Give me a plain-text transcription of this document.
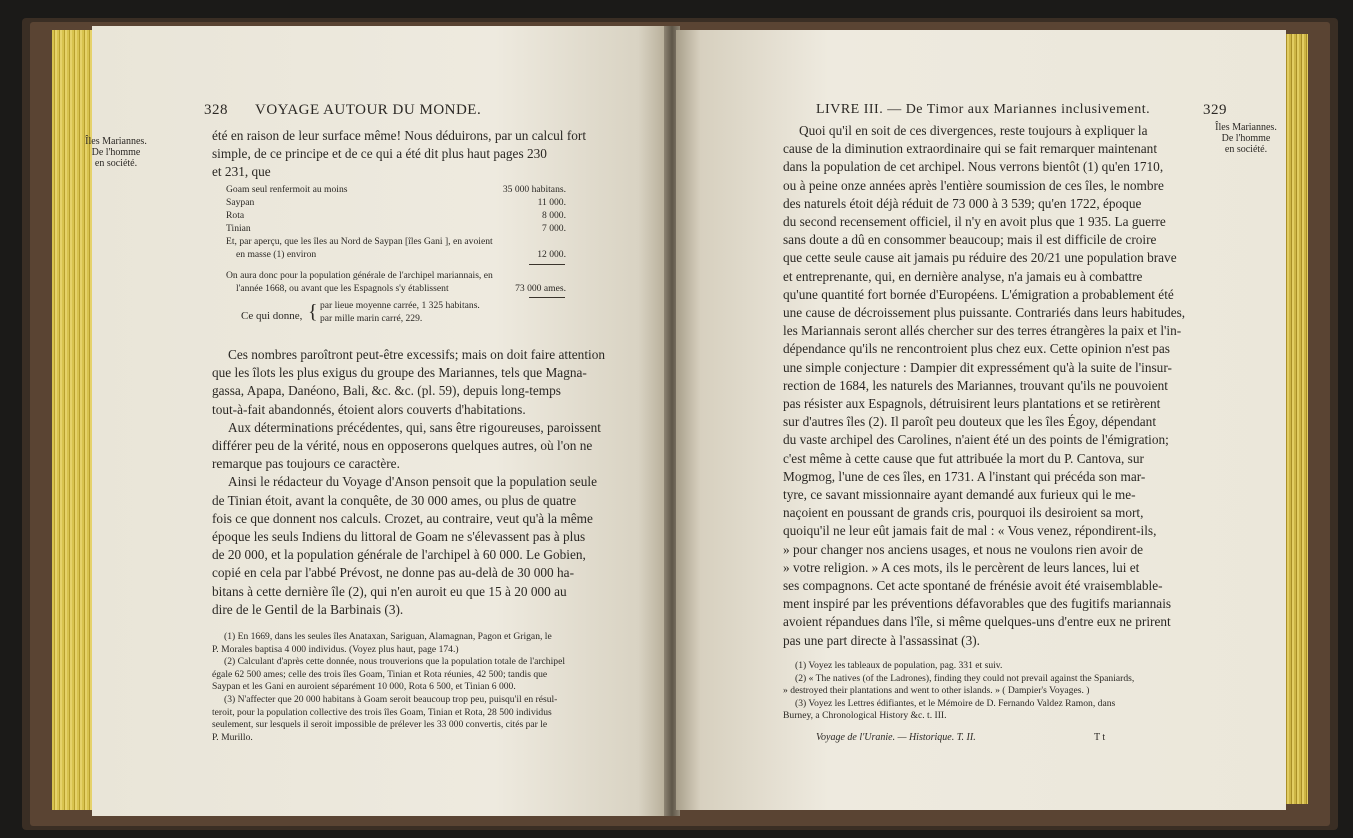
328 VOYAGE AUTOUR DU MONDE.
Îles Mariannes.
De l'homme
en société.
été en raison de leur surface même! Nous déduirons, par un calcul fort
simple, de ce principe et de ce qui a été dit plus haut pages 230
et 231, que
Goam seul renfermoit au moins	35 000 habitans.
Saypan	11 000.
Rota	8 000.
Tinian	7 000.
Et, par aperçu, que les îles au Nord de Saypan [îles Gani ], en avoient
en masse (1) environ	12 000.
On aura donc pour la population générale de l'archipel mariannais, en
l'année 1668, ou avant que les Espagnols s'y établissent	73 000 ames.
Ce qui donne, { par lieue moyenne carrée, 1 325 habitans.
par mille marin carré, 229.
Ces nombres paroîtront peut-être excessifs; mais on doit faire attention
que les îlots les plus exigus du groupe des Mariannes, tels que Magna-
gassa, Apapa, Danéono, Bali, &c. &c. (pl. 59), depuis long-temps
tout-à-fait abandonnés, étoient alors couverts d'habitations.
Aux déterminations précédentes, qui, sans être rigoureuses, paroissent
différer peu de la vérité, nous en opposerons quelques autres, où l'on ne
remarque pas toujours ce caractère.
Ainsi le rédacteur du Voyage d'Anson pensoit que la population seule
de Tinian étoit, avant la conquête, de 30 000 ames, ou plus de quatre
fois ce que donnent nos calculs. Crozet, au contraire, veut qu'à la même
époque les seuls Indiens du littoral de Goam ne s'élevassent pas à plus
de 20 000, et la population générale de l'archipel à 60 000. Le Gobien,
copié en cela par l'abbé Prévost, ne donne pas au-delà de 30 000 ha-
bitans à cette dernière île (2), qui n'en auroit eu que 15 à 20 000 au
dire de le Gentil de la Barbinais (3).
(1) En 1669, dans les seules îles Anataxan, Sariguan, Alamagnan, Pagon et Grigan, le
P. Morales baptisa 4 000 individus. (Voyez plus haut, page 174.)
(2) Calculant d'après cette donnée, nous trouverions que la population totale de l'archipel
égale 62 500 ames; celle des trois îles Goam, Tinian et Rota réunies, 42 500; tandis que
Saypan et les Gani en auroient séparément 10 000, Rota 6 500, et Tinian 6 000.
(3) N'affecter que 20 000 habitans à Goam seroit beaucoup trop peu, puisqu'il en résul-
teroit, pour la population collective des trois îles Goam, Tinian et Rota, 28 500 individus
seulement, sur lesquels il seroit impossible de prélever les 33 000 convertis, cités par le
P. Murillo.
LIVRE III. — De Timor aux Mariannes inclusivement.	329
Îles Mariannes.
De l'homme
en société.
Quoi qu'il en soit de ces divergences, reste toujours à expliquer la
cause de la diminution extraordinaire qui se fait remarquer maintenant
dans la population de cet archipel. Nous verrons bientôt (1) qu'en 1710,
ou à peine onze années après l'entière soumission de ces îles, le nombre
des naturels étoit déjà réduit de 73 000 à 3 539; qu'en 1722, époque
du second recensement officiel, il n'y en avoit plus que 1 935. La guerre
sans doute a dû en consommer beaucoup; mais il est difficile de croire
que cette seule cause ait jamais pu réduire des 20/21 une population brave
et entreprenante, qui, en dernière analyse, n'a jamais eu à combattre
qu'une quantité fort bornée d'Européens. L'émigration a probablement été
une cause de décroissement plus puissante. Contrariés dans leurs habitudes,
les Mariannais seront allés chercher sur des terres étrangères la paix et l'in-
dépendance qu'ils ne rencontroient plus chez eux. Cette opinion n'est pas
une simple conjecture : Dampier dit expressément qu'à la suite de l'insur-
rection de 1684, les naturels des Mariannes, trouvant qu'ils ne pouvoient
pas résister aux Espagnols, détruisirent leurs plantations et se retirèrent
sur d'autres îles (2). Il paroît peu douteux que les îles Égoy, dépendant
du vaste archipel des Carolines, n'aient été un des points de l'émigration;
c'est même à cette cause que fut attribuée la mort du P. Cantova, sur
Mogmog, l'une de ces îles, en 1731. A l'instant qui précéda son mar-
tyre, ce savant missionnaire ayant demandé aux furieux qui le me-
naçoient en poussant de grands cris, pourquoi ils desiroient sa mort,
quoiqu'il ne leur eût jamais fait de mal : « Vous venez, répondirent-ils,
» pour changer nos anciens usages, et nous ne voulons rien avoir de
» votre religion. » A ces mots, ils le percèrent de leurs lances, lui et
ses compagnons. Cet acte spontané de frénésie avoit été vraisemblable-
ment inspiré par les préventions défavorables que des fugitifs mariannais
avoient répandues dans l'île, si même quelques-uns d'entre eux ne prirent
pas une part directe à l'assassinat (3).
(1) Voyez les tableaux de population, pag. 331 et suiv.
(2) « The natives (of the Ladrones), finding they could not prevail against the Spaniards,
» destroyed their plantations and went to other islands. » ( Dampier's Voyages. )
(3) Voyez les Lettres édifiantes, et le Mémoire de D. Fernando Valdez Ramon, dans
Burney, a Chronological History &c. t. III.
Voyage de l'Uranie. — Historique. T. II.	T t
